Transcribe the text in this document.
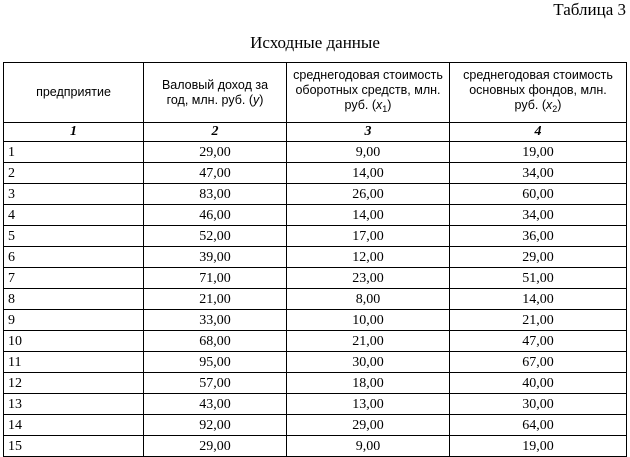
Таблица 3
Исходные данные
предприятие	Валовый доход за год, млн. руб. (y)	среднегодовая стоимость оборотных средств, млн. руб. $(x_1)$	среднегодовая стоимость основных фондов, млн. руб. $(x_2)$
1	2	3	4
1	29,00	9,00	19,00
2	47,00	14,00	34,00
3	83,00	26,00	60,00
4	46,00	14,00	34,00
5	52,00	17,00	36,00
6	39,00	12,00	29,00
7	71,00	23,00	51,00
8	21,00	8,00	14,00
9	33,00	10,00	21,00
10	68,00	21,00	47,00
11	95,00	30,00	67,00
12	57,00	18,00	40,00
13	43,00	13,00	30,00
14	92,00	29,00	64,00
15	29,00	9,00	19,00
